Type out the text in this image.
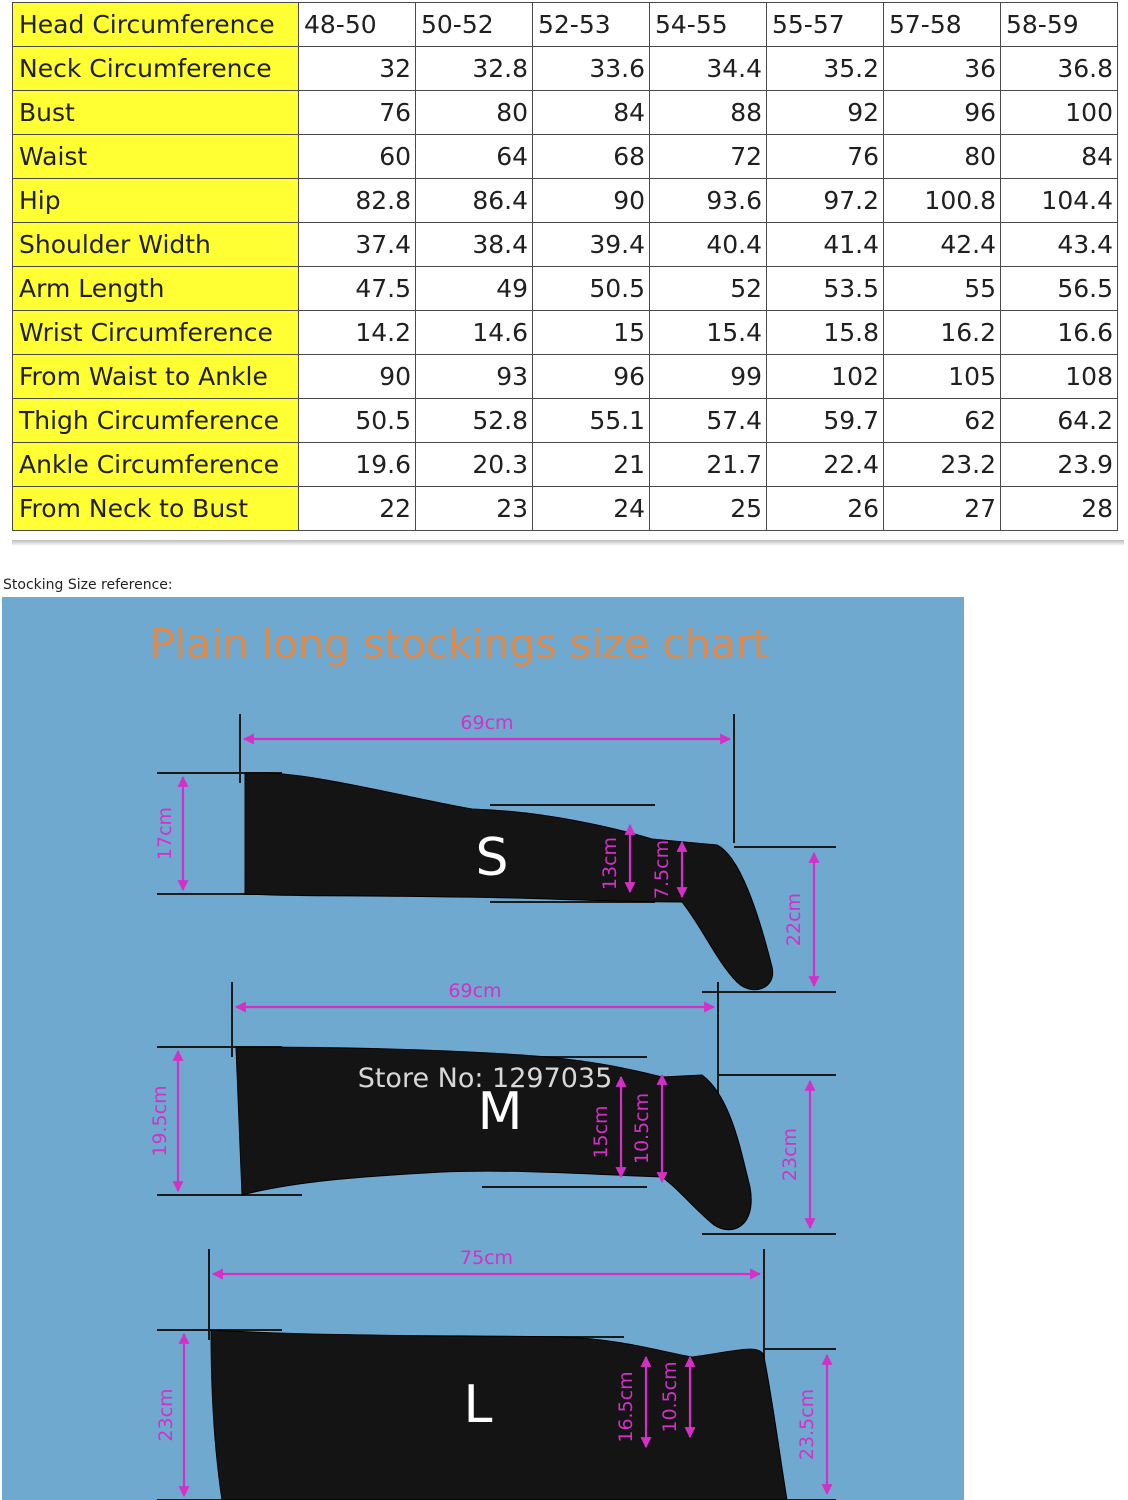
Head Circumference	48-50	50-52	52-53	54-55	55-57	57-58	58-59
Neck Circumference	32	32.8	33.6	34.4	35.2	36	36.8
Bust	76	80	84	88	92	96	100
Waist	60	64	68	72	76	80	84
Hip	82.8	86.4	90	93.6	97.2	100.8	104.4
Shoulder Width	37.4	38.4	39.4	40.4	41.4	42.4	43.4
Arm Length	47.5	49	50.5	52	53.5	55	56.5
Wrist Circumference	14.2	14.6	15	15.4	15.8	16.2	16.6
From Waist to Ankle	90	93	96	99	102	105	108
Thigh Circumference	50.5	52.8	55.1	57.4	59.7	62	64.2
Ankle Circumference	19.6	20.3	21	21.7	22.4	23.2	23.9
From Neck to Bust	22	23	24	25	26	27	28
Stocking Size reference:
69cm
17cm
13cm 7.5cm
22cm
S
69cm
19.5cm	15cm 10.5cm	23cm
M
75cm
23cm	16.5cm 10.5cm	23.5cm
L
Store No: 1297035
Plain long stockings size chart
